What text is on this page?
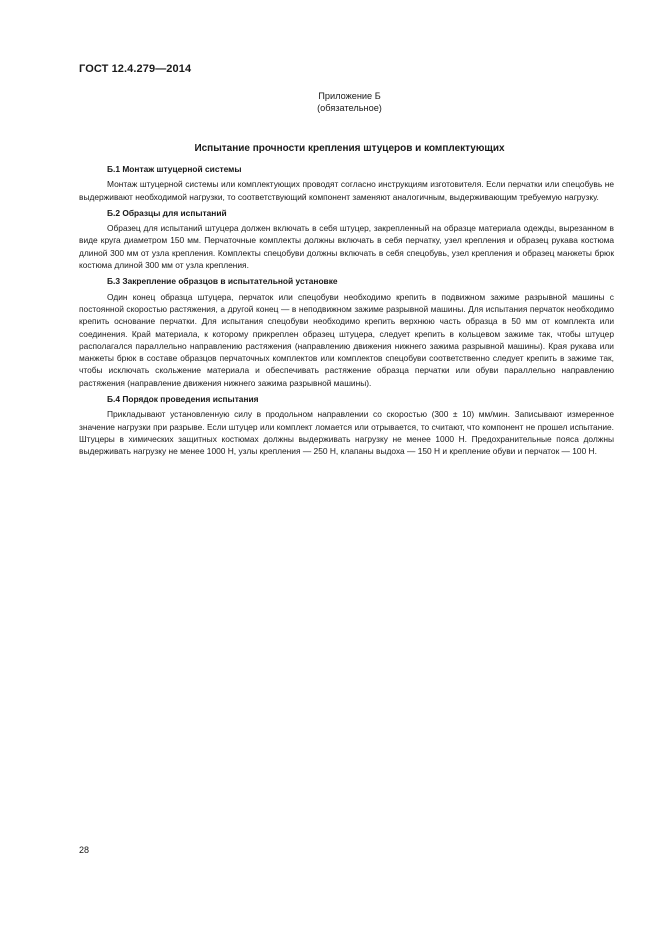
ГОСТ 12.4.279—2014
Приложение Б
(обязательное)
Испытание прочности крепления штуцеров и комплектующих
Б.1 Монтаж штуцерной системы

Монтаж штуцерной системы или комплектующих проводят согласно инструкциям изготовителя. Если перчатки или спецобувь не выдерживают необходимой нагрузки, то соответствующий компонент заменяют аналогичным, выдерживающим требуемую нагрузку.

Б.2 Образцы для испытаний

Образец для испытаний штуцера должен включать в себя штуцер, закрепленный на образце материала одежды, вырезанном в виде круга диаметром 150 мм. Перчаточные комплекты должны включать в себя перчатку, узел крепления и образец рукава костюма длиной 300 мм от узла крепления. Комплекты спецобуви должны включать в себя спецобувь, узел крепления и образец манжеты брюк костюма длиной 300 мм от узла крепления.

Б.3 Закрепление образцов в испытательной установке

Один конец образца штуцера, перчаток или спецобуви необходимо крепить в подвижном зажиме разрывной машины с постоянной скоростью растяжения, а другой конец — в неподвижном зажиме разрывной машины. Для испытания перчаток необходимо крепить основание перчатки. Для испытания спецобуви необходимо крепить верхнюю часть образца в 50 мм от комплекта или соединения. Край материала, к которому прикреплен образец штуцера, следует крепить в кольцевом зажиме так, чтобы штуцер располагался параллельно направлению растяжения (направлению движения нижнего зажима разрывной машины). Края рукава или манжеты брюк в составе образцов перчаточных комплектов или комплектов спецобуви соответственно следует крепить в зажиме так, чтобы исключать скольжение материала и обеспечивать растяжение образца перчатки или обуви параллельно направлению растяжения (направление движения нижнего зажима разрывной машины).

Б.4 Порядок проведения испытания

Прикладывают установленную силу в продольном направлении со скоростью (300 ± 10) мм/мин. Записывают измеренное значение нагрузки при разрыве. Если штуцер или комплект ломается или отрывается, то считают, что компонент не прошел испытание. Штуцеры в химических защитных костюмах должны выдерживать нагрузку не менее 1000 Н. Предохранительные пояса должны выдерживать нагрузку не менее 1000 Н, узлы крепления — 250 Н, клапаны выдоха — 150 Н и крепление обуви и перчаток — 100 Н.

28
